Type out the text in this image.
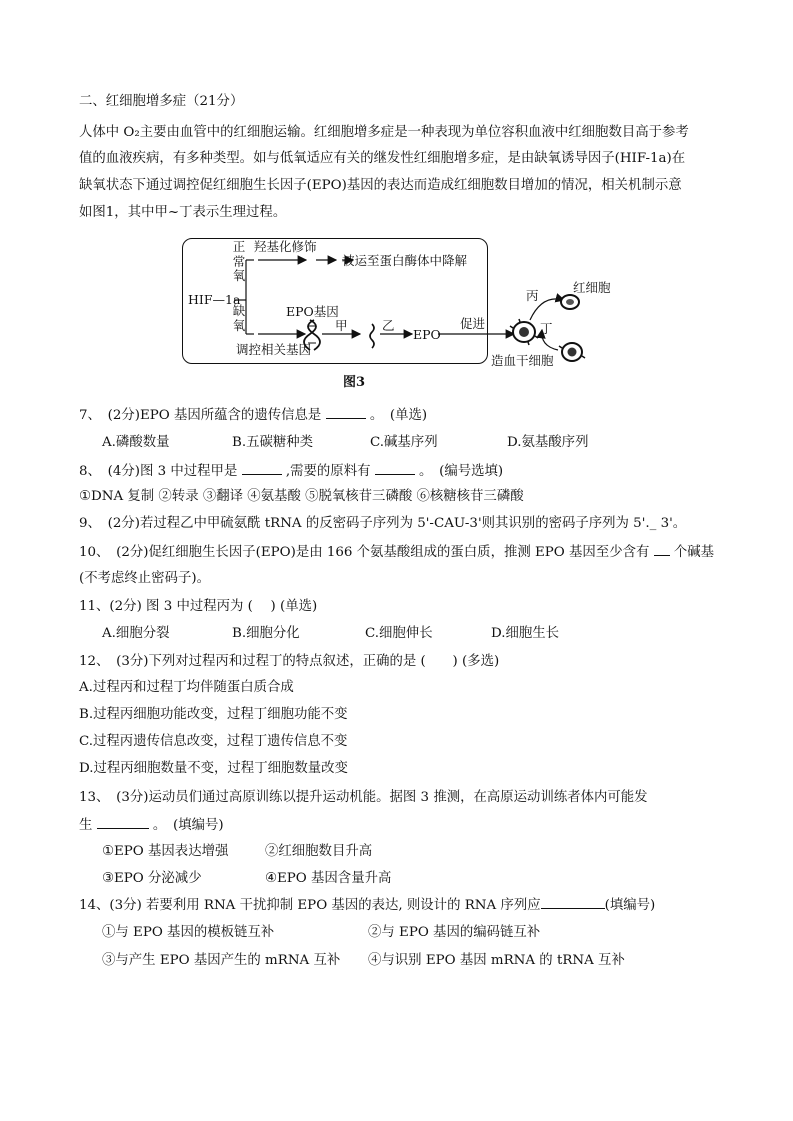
二、红细胞增多症（21分）
人体中 O₂主要由血管中的红细胞运输。红细胞增多症是一种表现为单位容积血液中红细胞数目高于参考
值的血液疾病，有多种类型。如与低氧适应有关的继发性红细胞增多症，是由缺氧诱导因子(HIF-1a)在
缺氧状态下通过调控促红细胞生长因子(EPO)基因的表达而造成红细胞数目增加的情况，相关机制示意
如图1，其中甲~丁表示生理过程。
HIF—1a
正常氧
缺氧
羟基化修饰
被运至蛋白酶体中降解
EPO基因
甲	乙
EPO
促进
调控相关基因
丙
丁
红细胞
造血干细胞
图3
7、　(2分)EPO 基因所蕴含的遗传信息是	。　(单选)
A.磷酸数量	B.五碳糖种类	C.碱基序列	D.氨基酸序列
8、　(4分)图 3 中过程甲是	,需要的原料有	。　(编号选填)
①DNA 复制 ②转录 ③翻译 ④氨基酸 ⑤脱氧核苷三磷酸 ⑥核糖核苷三磷酸
9、　(2分)若过程乙中甲硫氨酰 tRNA 的反密码子序列为 5'-CAU-3'则其识别的密码子序列为 5'._ 3'。
10、　(2分)促红细胞生长因子(EPO)是由 166 个氨基酸组成的蛋白质，推测 EPO 基因至少含有 个碱基
(不考虑终止密码子)。
11、(2分) 图 3 中过程丙为 (　 ) (单选)
A.细胞分裂	B.细胞分化	C.细胞伸长	D.细胞生长
12、　(3分)下列对过程丙和过程丁的特点叙述，正确的是 (　　) (多选)
A.过程丙和过程丁均伴随蛋白质合成
B.过程丙细胞功能改变，过程丁细胞功能不变
C.过程丙遗传信息改变，过程丁遗传信息不变
D.过程丙细胞数量不变，过程丁细胞数量改变
13、　(3分)运动员们通过高原训练以提升运动机能。据图 3 推测，在高原运动训练者体内可能发
生	。　(填编号)
①EPO 基因表达增强	②红细胞数目升高
③EPO 分泌减少	④EPO 基因含量升高
14、(3分) 若要利用 RNA 干扰抑制 EPO 基因的表达, 则设计的 RNA 序列应	(填编号)
①与 EPO 基因的模板链互补	②与 EPO 基因的编码链互补
③与产生 EPO 基因产生的 mRNA 互补 ④与识别 EPO 基因 mRNA 的 tRNA 互补
